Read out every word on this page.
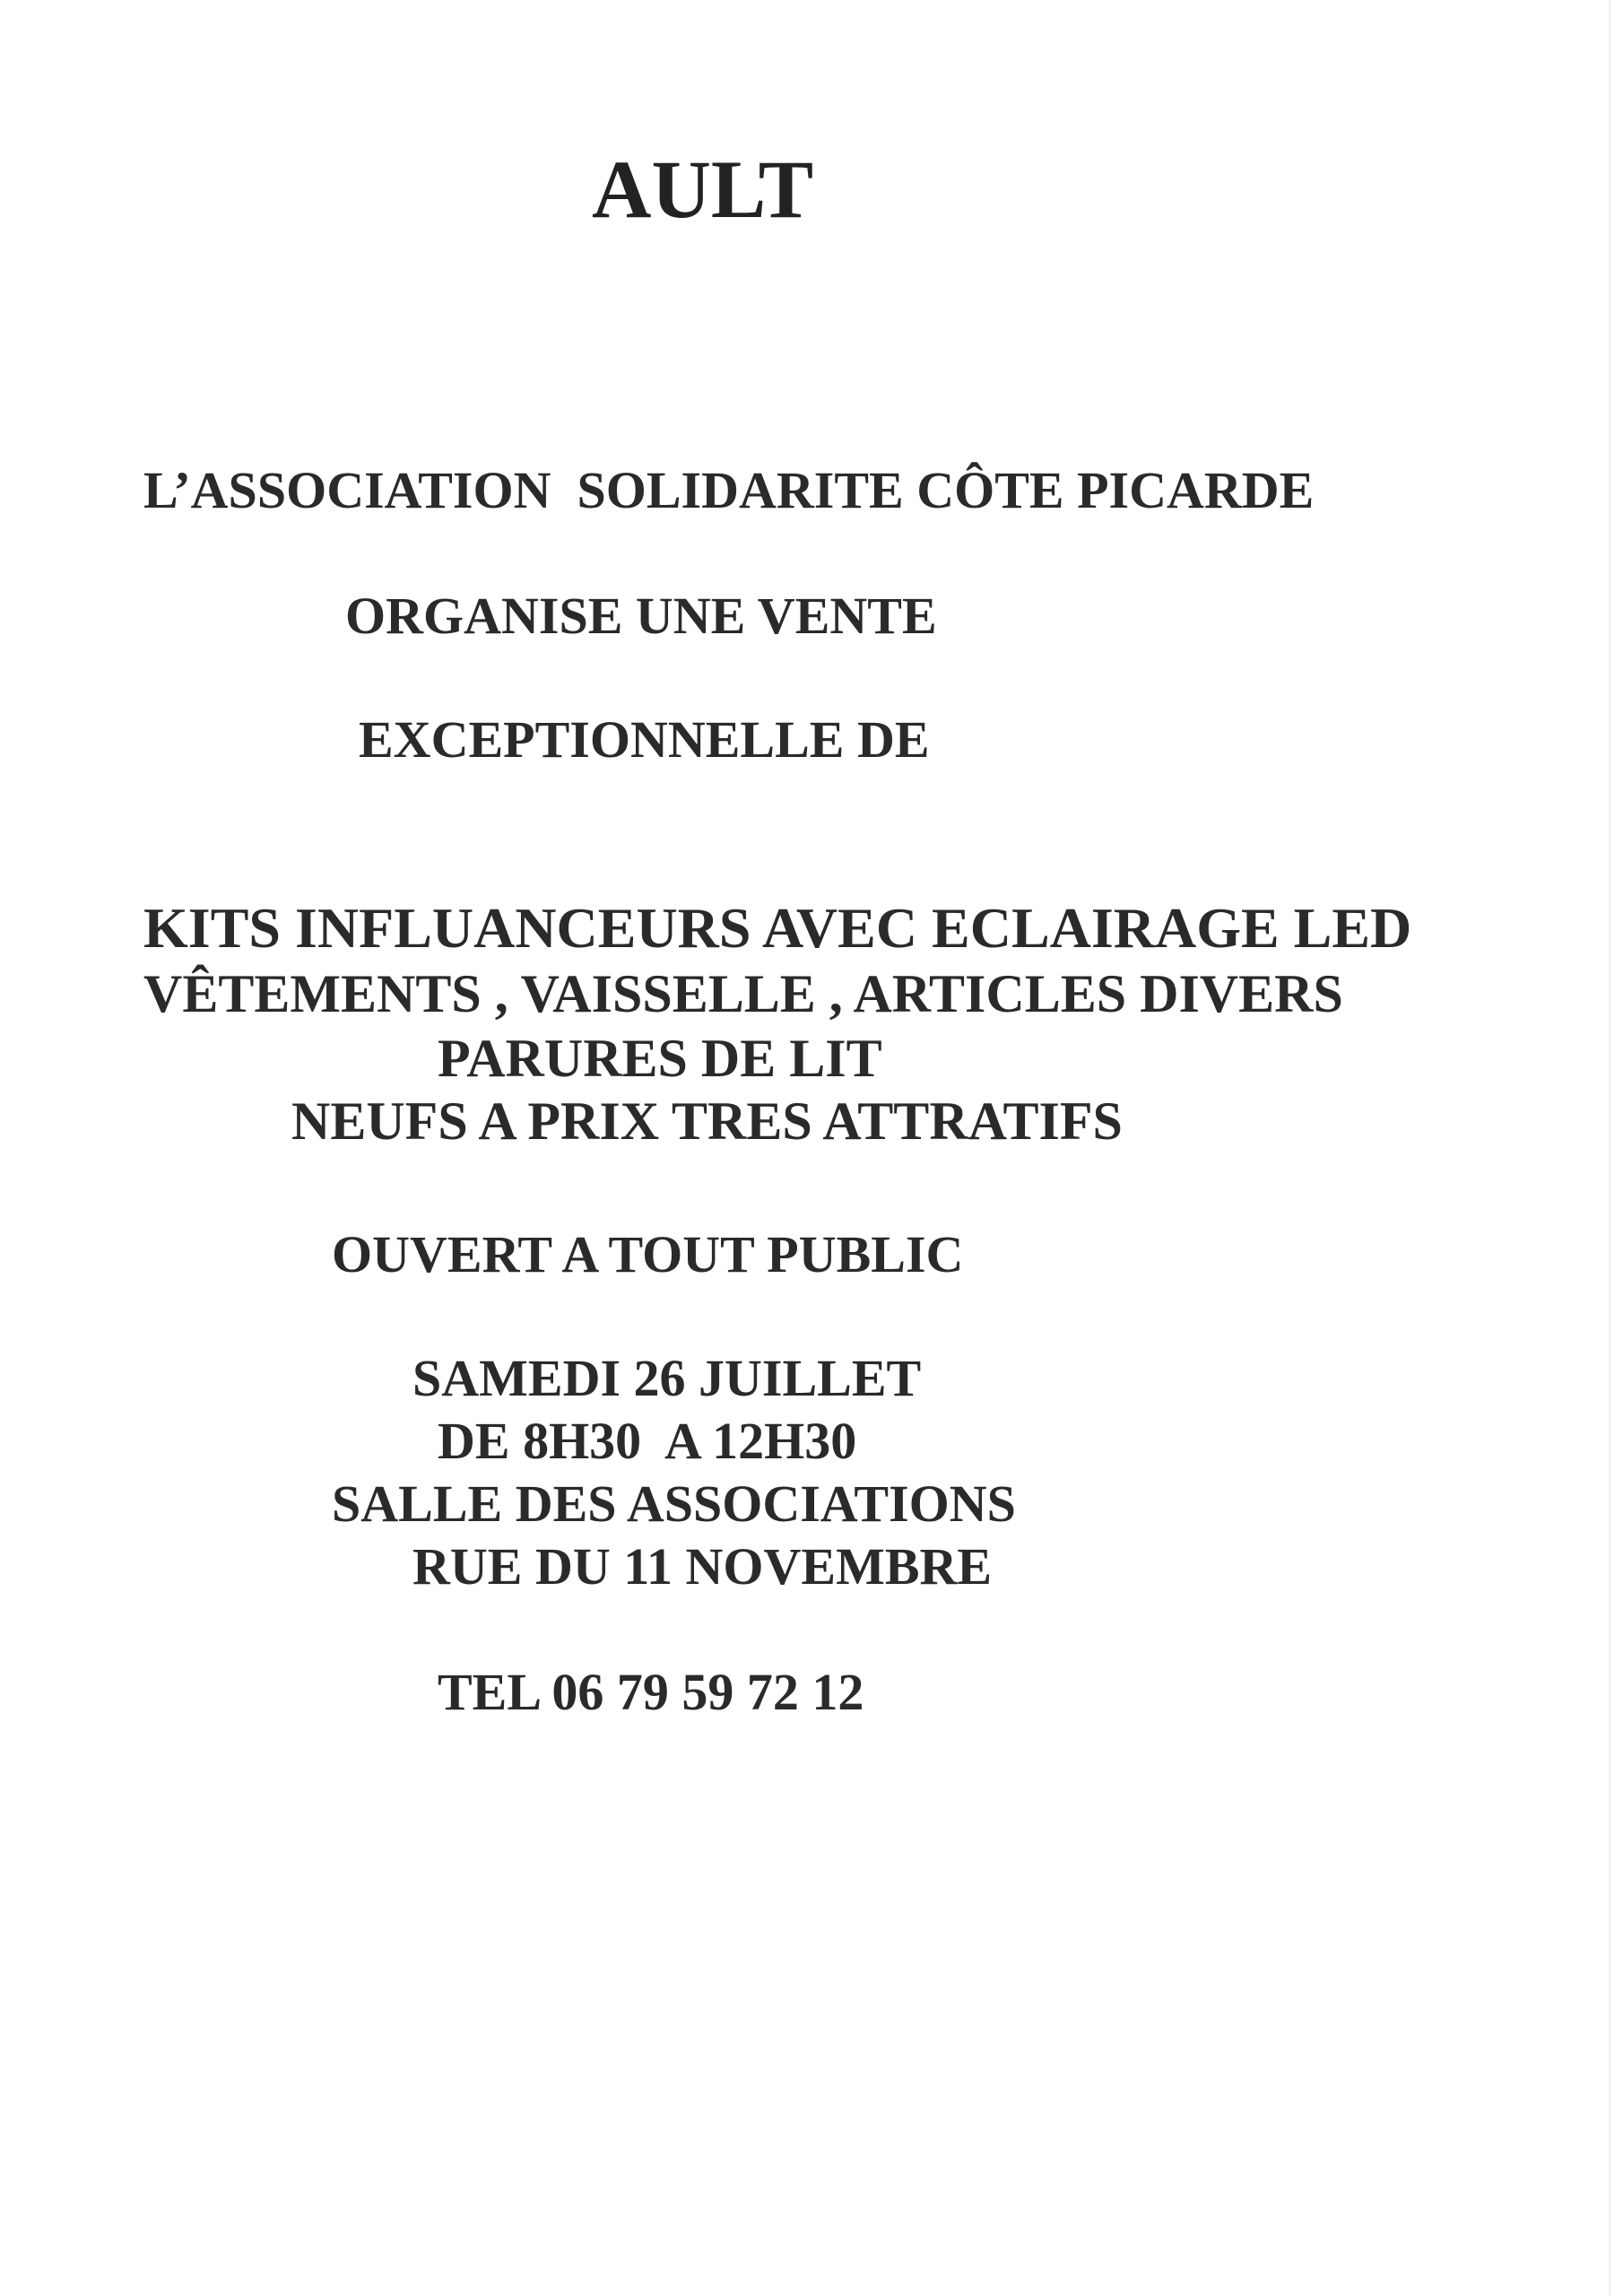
AULT

L’ASSOCIATION  SOLIDARITE CÔTE PICARDE

ORGANISE UNE VENTE

EXCEPTIONNELLE DE

KITS INFLUANCEURS AVEC ECLAIRAGE LED

VÊTEMENTS , VAISSELLE , ARTICLES DIVERS

PARURES DE LIT

NEUFS A PRIX TRES ATTRATIFS

OUVERT A TOUT PUBLIC

SAMEDI 26 JUILLET

DE 8H30  A 12H30

SALLE DES ASSOCIATIONS

RUE DU 11 NOVEMBRE

TEL 06 79 59 72 12
